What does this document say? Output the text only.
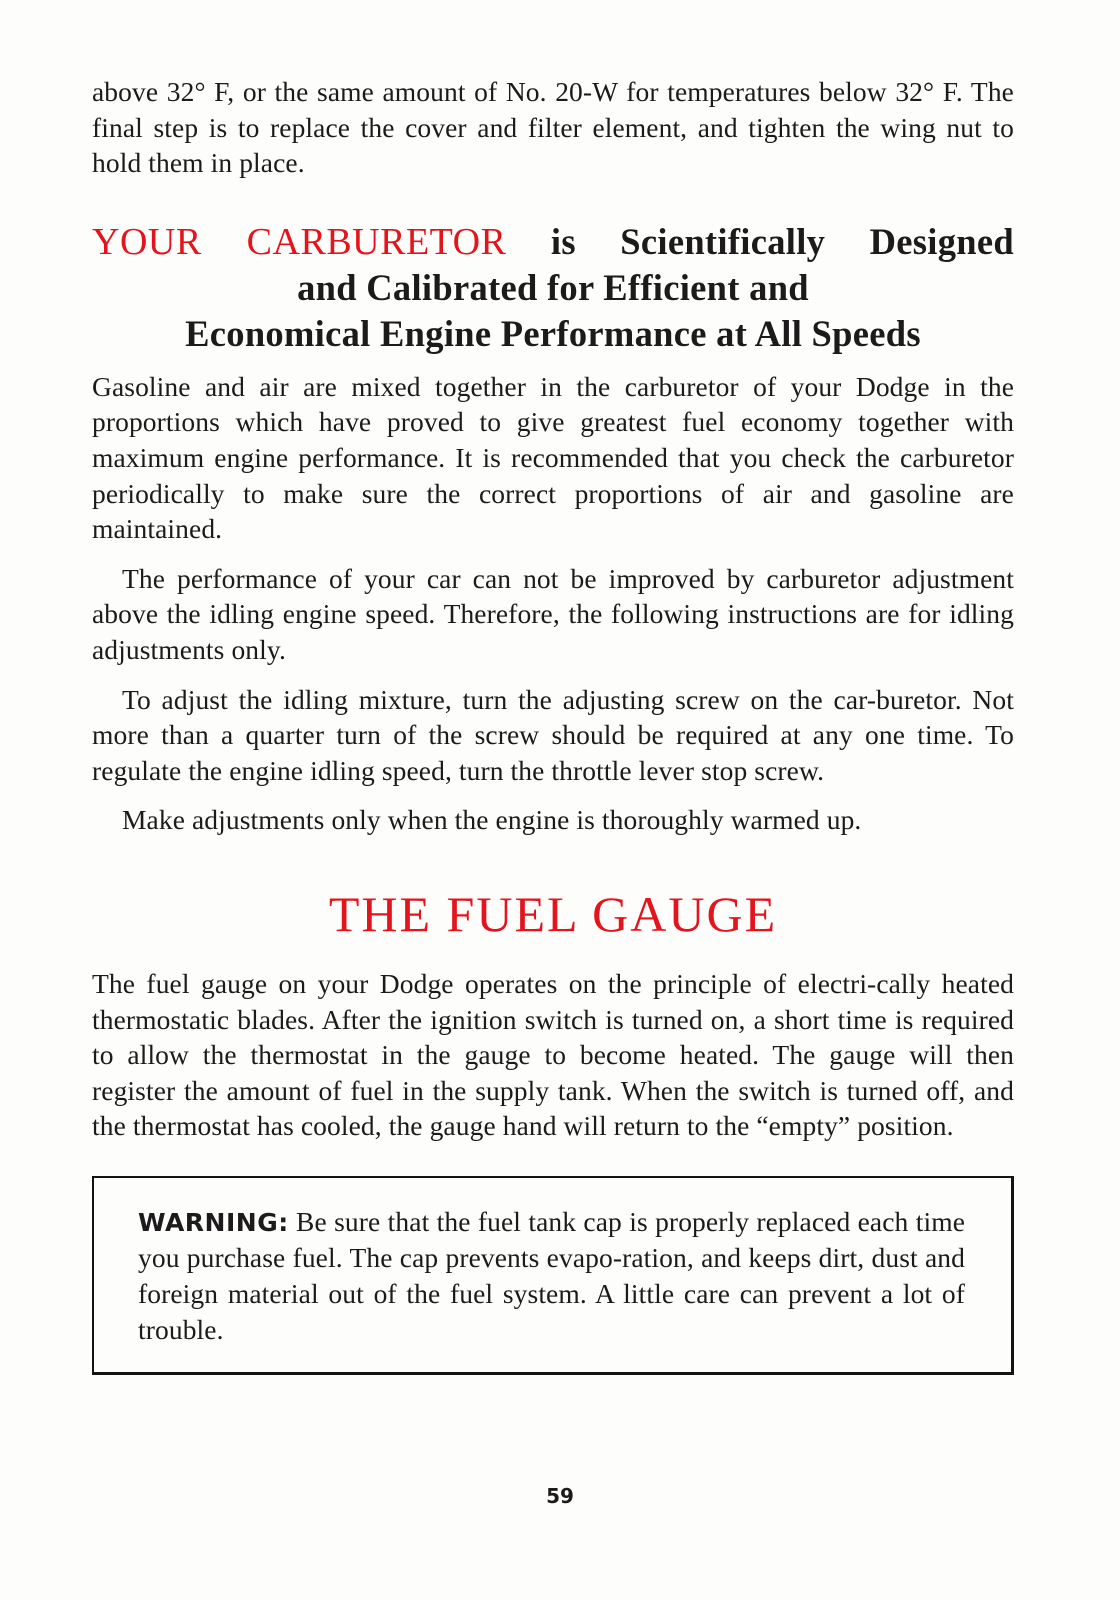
above 32° F, or the same amount of No. 20-W for temperatures below 32° F. The final step is to replace the cover and filter element, and tighten the wing nut to hold them in place.

YOUR CARBURETOR is Scientifically Designed
and Calibrated for Efficient and
Economical Engine Performance at All Speeds

Gasoline and air are mixed together in the carburetor of your Dodge in the proportions which have proved to give greatest fuel economy together with maximum engine performance. It is recommended that you check the carburetor periodically to make sure the correct proportions of air and gasoline are maintained.

The performance of your car can not be improved by carburetor adjustment above the idling engine speed. Therefore, the following instructions are for idling adjustments only.

To adjust the idling mixture, turn the adjusting screw on the car-buretor. Not more than a quarter turn of the screw should be required at any one time. To regulate the engine idling speed, turn the throttle lever stop screw.

Make adjustments only when the engine is thoroughly warmed up.

THE FUEL GAUGE

The fuel gauge on your Dodge operates on the principle of electri-cally heated thermostatic blades. After the ignition switch is turned on, a short time is required to allow the thermostat in the gauge to become heated. The gauge will then register the amount of fuel in the supply tank. When the switch is turned off, and the thermostat has cooled, the gauge hand will return to the “empty” position.

WARNING: Be sure that the fuel tank cap is properly replaced each time you purchase fuel. The cap prevents evapo-ration, and keeps dirt, dust and foreign material out of the fuel system. A little care can prevent a lot of trouble.

59
